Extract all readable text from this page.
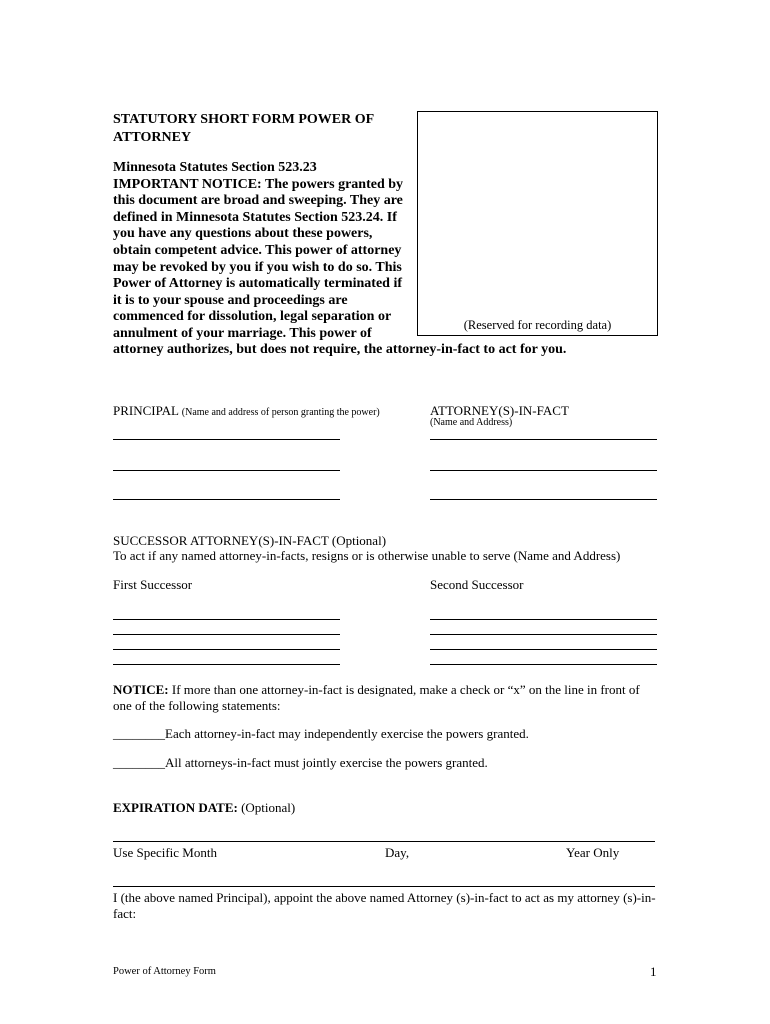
STATUTORY SHORT FORM POWER OF ATTORNEY
Minnesota Statutes Section 523.23
IMPORTANT NOTICE: The powers granted by
this document are broad and sweeping. They are
defined in Minnesota Statutes Section 523.24. If
you have any questions about these powers,
obtain competent advice. This power of attorney
may be revoked by you if you wish to do so. This
Power of Attorney is automatically terminated if
it is to your spouse and proceedings are
commenced for dissolution, legal separation or
annulment of your marriage. This power of
attorney authorizes, but does not require, the attorney-in-fact to act for you.
(Reserved for recording data)
PRINCIPAL (Name and address of person granting the power)	ATTORNEY(S)-IN-FACT
(Name and Address)
SUCCESSOR ATTORNEY(S)-IN-FACT (Optional)
To act if any named attorney-in-facts, resigns or is otherwise unable to serve (Name and Address)
First Successor	Second Successor
NOTICE: If more than one attorney-in-fact is designated, make a check or “x” on the line in front of one of the following statements:
________Each attorney-in-fact may independently exercise the powers granted.
________All attorneys-in-fact must jointly exercise the powers granted.
EXPIRATION DATE: (Optional)
Use Specific Month	Day,	Year Only
I (the above named Principal), appoint the above named Attorney (s)-in-fact to act as my attorney (s)-in-fact:
Power of Attorney Form	1
